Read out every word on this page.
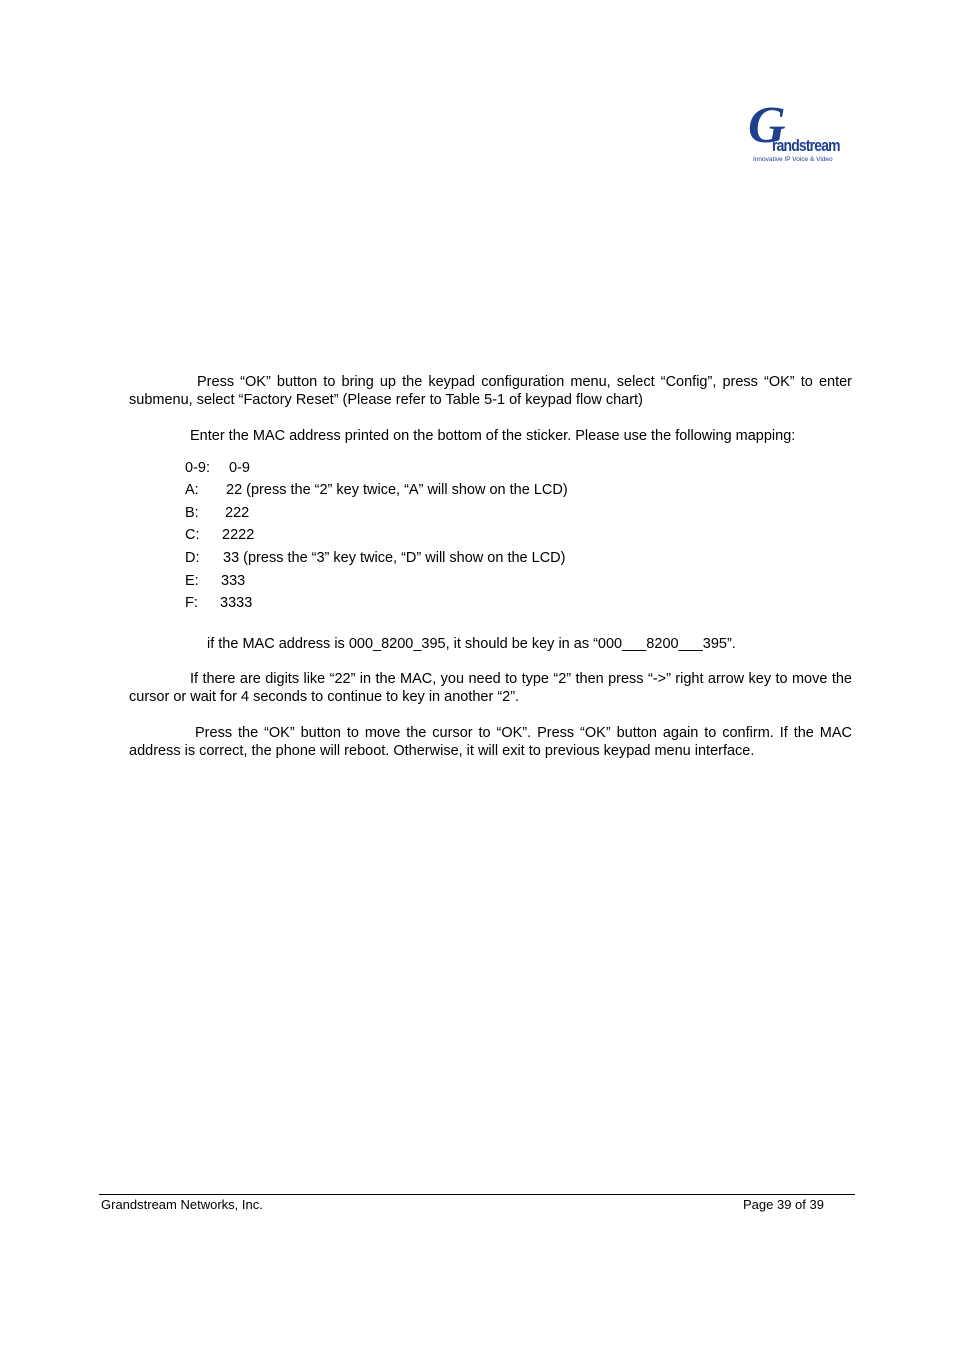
G
randstream
Innovative IP Voice & Video

Press “OK” button to bring up the keypad configuration menu, select “Config”, press “OK” to enter submenu, select “Factory Reset” (Please refer to Table 5-1 of keypad flow chart)

Enter the MAC address printed on the bottom of the sticker. Please use the following mapping:

0-9: 0-9
A: 22 (press the “2” key twice, “A” will show on the LCD)
B: 222
C: 2222
D: 33 (press the “3” key twice, “D” will show on the LCD)
E: 333
F: 3333

if the MAC address is 000_8200_395, it should be key in as “000___8200___395”.

If there are digits like “22” in the MAC, you need to type “2” then press “->” right arrow key to move the cursor or wait for 4 seconds to continue to key in another “2”.

Press the “OK” button to move the cursor to “OK”. Press “OK” button again to confirm. If the MAC address is correct, the phone will reboot. Otherwise, it will exit to previous keypad menu interface.

Grandstream Networks, Inc.	Page 39 of 39
